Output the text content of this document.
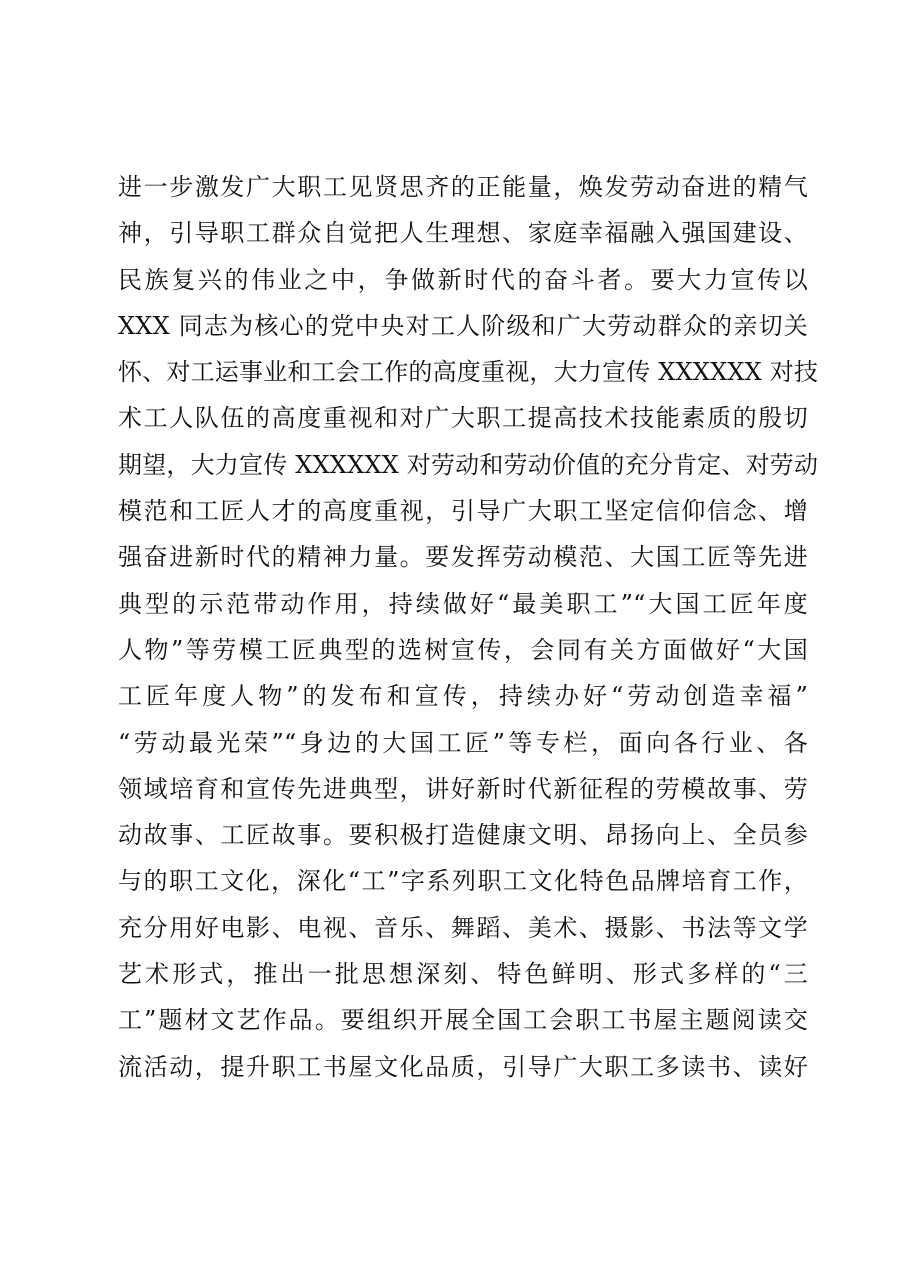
进一步激发广大职工见贤思齐的正能量，焕发劳动奋进的精气
神，引导职工群众自觉把人生理想、家庭幸福融入强国建设、
民族复兴的伟业之中，争做新时代的奋斗者。要大力宣传以
XXX 同志为核心的党中央对工人阶级和广大劳动群众的亲切关
怀、对工运事业和工会工作的高度重视，大力宣传 XXXXXX 对技
术工人队伍的高度重视和对广大职工提高技术技能素质的殷切
期望，大力宣传 XXXXXX 对劳动和劳动价值的充分肯定、对劳动
模范和工匠人才的高度重视，引导广大职工坚定信仰信念、增
强奋进新时代的精神力量。要发挥劳动模范、大国工匠等先进
典型的示范带动作用，持续做好“最美职工”“大国工匠年度
人物”等劳模工匠典型的选树宣传，会同有关方面做好“大国
工匠年度人物”的发布和宣传，持续办好“劳动创造幸福”
“劳动最光荣”“身边的大国工匠”等专栏，面向各行业、各
领域培育和宣传先进典型，讲好新时代新征程的劳模故事、劳
动故事、工匠故事。要积极打造健康文明、昂扬向上、全员参
与的职工文化，深化“工”字系列职工文化特色品牌培育工作，
充分用好电影、电视、音乐、舞蹈、美术、摄影、书法等文学
艺术形式，推出一批思想深刻、特色鲜明、形式多样的“三
工”题材文艺作品。要组织开展全国工会职工书屋主题阅读交
流活动，提升职工书屋文化品质，引导广大职工多读书、读好
